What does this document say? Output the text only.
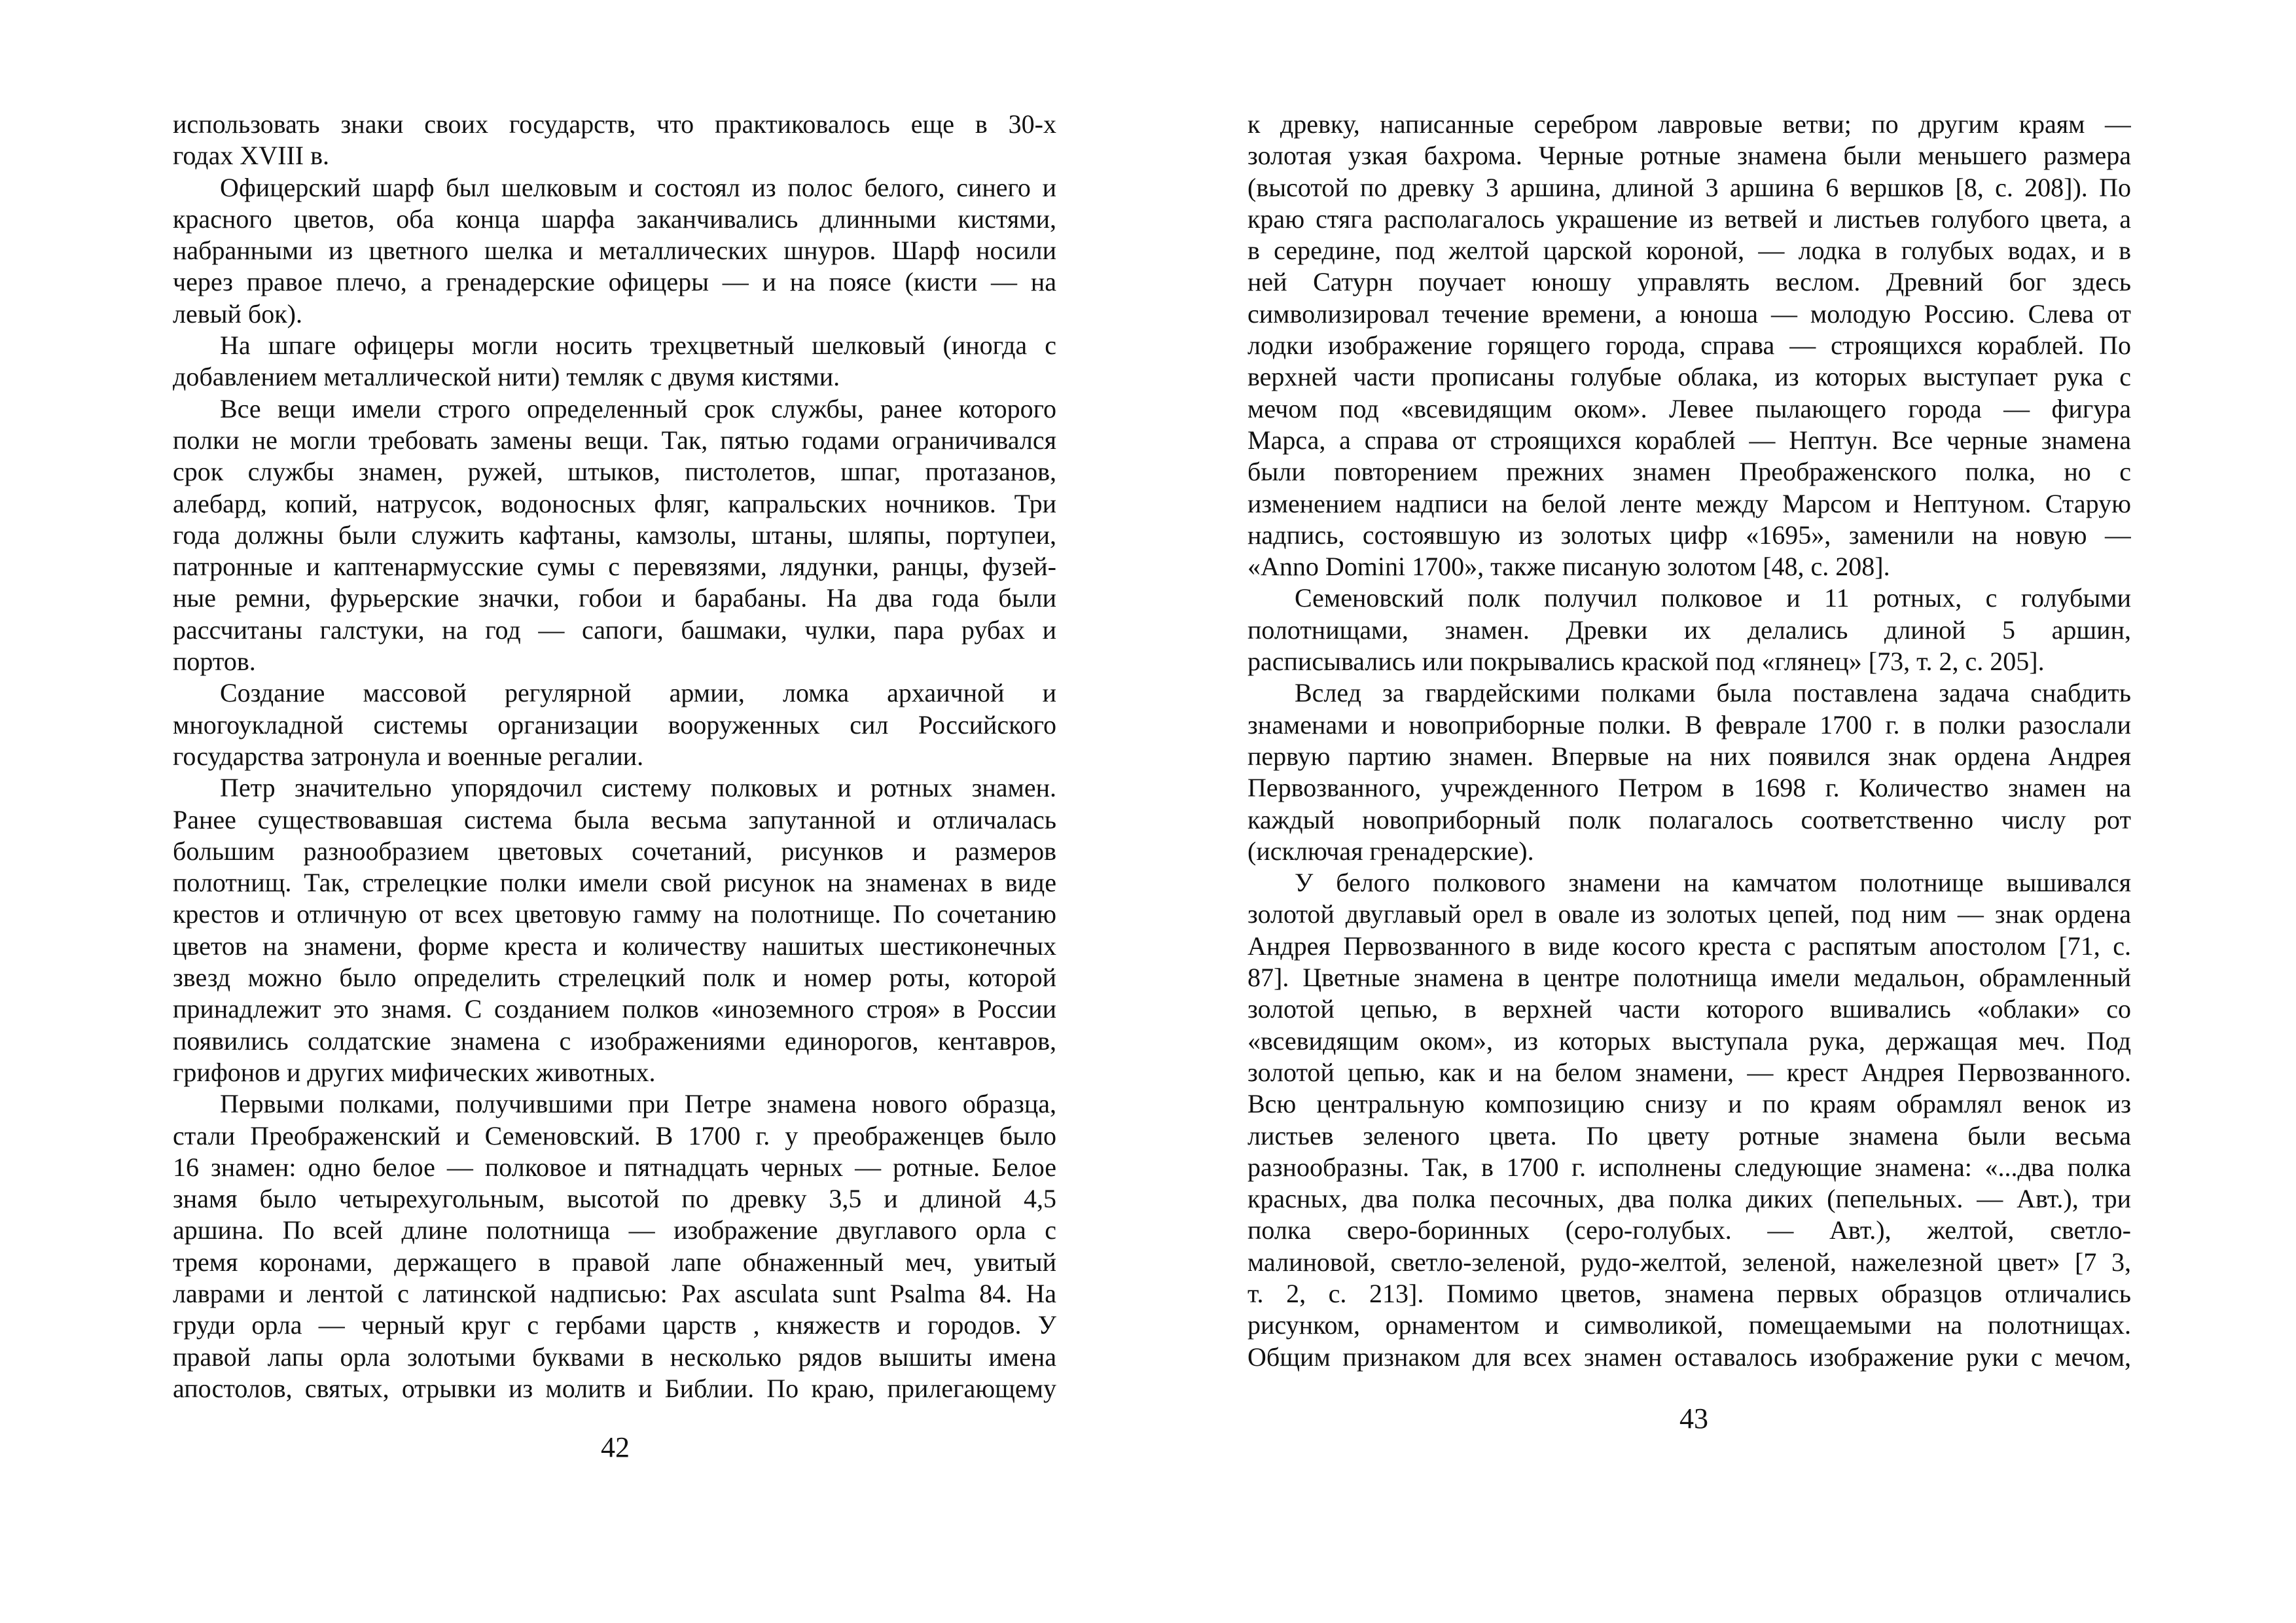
использовать знаки своих государств, что практиковалось еще в 30-х
годах XVIII в.
Офицерский шарф был шелковым и состоял из полос белого, синего и
красного цветов, оба конца шарфа заканчивались длинными кистями,
набранными из цветного шелка и металлических шнуров. Шарф носили
через правое плечо, а гренадерские офицеры — и на поясе (кисти — на
левый бок).
На шпаге офицеры могли носить трехцветный шелковый (иногда с
добавлением металлической нити) темляк с двумя кистями.
Все вещи имели строго определенный срок службы, ранее которого
полки не могли требовать замены вещи. Так, пятью годами ограничивался
срок службы знамен, ружей, штыков, пистолетов, шпаг, протазанов,
алебард, копий, натрусок, водоносных фляг, капральских ночников. Три
года должны были служить кафтаны, камзолы, штаны, шляпы, портупеи,
патронные и каптенармусские сумы с перевязями, лядунки, ранцы, фузей-
ные ремни, фурьерские значки, гобои и барабаны. На два года были
рассчитаны галстуки, на год — сапоги, башмаки, чулки, пара рубах и
портов.
Создание массовой регулярной армии, ломка архаичной и
многоукладной системы организации вооруженных сил Российского
государства затронула и военные регалии.
Петр значительно упорядочил систему полковых и ротных знамен.
Ранее существовавшая система была весьма запутанной и отличалась
большим разнообразием цветовых сочетаний, рисунков и размеров
полотнищ. Так, стрелецкие полки имели свой рисунок на знаменах в виде
крестов и отличную от всех цветовую гамму на полотнище. По сочетанию
цветов на знамени, форме креста и количеству нашитых шестиконечных
звезд можно было определить стрелецкий полк и номер роты, которой
принадлежит это знамя. С созданием полков «иноземного строя» в России
появились солдатские знамена с изображениями единорогов, кентавров,
грифонов и других мифических животных.
Первыми полками, получившими при Петре знамена нового образца,
стали Преображенский и Семеновский. В 1700 г. у преображенцев было
16 знамен: одно белое — полковое и пятнадцать черных — ротные. Белое
знамя было четырехугольным, высотой по древку 3,5 и длиной 4,5
аршина. По всей длине полотнища — изображение двуглавого орла с
тремя коронами, держащего в правой лапе обнаженный меч, увитый
лаврами и лентой с латинской надписью: Pax asculata sunt Psalma 84. На
груди орла — черный круг с гербами царств , княжеств и городов. У
правой лапы орла золотыми буквами в несколько рядов вышиты имена
апостолов, святых, отрывки из молитв и Библии. По краю, прилегающему
к древку, написанные серебром лавровые ветви; по другим краям —
золотая узкая бахрома. Черные ротные знамена были меньшего размера
(высотой по древку 3 аршина, длиной 3 аршина 6 вершков [8, с. 208]). По
краю стяга располагалось украшение из ветвей и листьев голубого цвета, а
в середине, под желтой царской короной, — лодка в голубых водах, и в
ней Сатурн поучает юношу управлять веслом. Древний бог здесь
символизировал течение времени, а юноша — молодую Россию. Слева от
лодки изображение горящего города, справа — строящихся кораблей. По
верхней части прописаны голубые облака, из которых выступает рука с
мечом под «всевидящим оком». Левее пылающего города — фигура
Марса, а справа от строящихся кораблей — Нептун. Все черные знамена
были повторением прежних знамен Преображенского полка, но с
изменением надписи на белой ленте между Марсом и Нептуном. Старую
надпись, состоявшую из золотых цифр «1695», заменили на новую —
«Anno Domini 1700», также писаную золотом [48, с. 208].
Семеновский полк получил полковое и 11 ротных, с голубыми
полотнищами, знамен. Древки их делались длиной 5 аршин,
расписывались или покрывались краской под «глянец» [73, т. 2, с. 205].
Вслед за гвардейскими полками была поставлена задача снабдить
знаменами и новоприборные полки. В феврале 1700 г. в полки разослали
первую партию знамен. Впервые на них появился знак ордена Андрея
Первозванного, учрежденного Петром в 1698 г. Количество знамен на
каждый новоприборный полк полагалось соответственно числу рот
(исключая гренадерские).
У белого полкового знамени на камчатом полотнище вышивался
золотой двуглавый орел в овале из золотых цепей, под ним — знак ордена
Андрея Первозванного в виде косого креста с распятым апостолом [71, с.
87]. Цветные знамена в центре полотнища имели медальон, обрамленный
золотой цепью, в верхней части которого вшивались «облаки» со
«всевидящим оком», из которых выступала рука, держащая меч. Под
золотой цепью, как и на белом знамени, — крест Андрея Первозванного.
Всю центральную композицию снизу и по краям обрамлял венок из
листьев зеленого цвета. По цвету ротные знамена были весьма
разнообразны. Так, в 1700 г. исполнены следующие знамена: «...два полка
красных, два полка песочных, два полка диких (пепельных. — Авт.), три
полка сверо-боринных (серо-голубых. — Авт.), желтой, светло-
малиновой, светло-зеленой, рудо-желтой, зеленой, нажелезной цвет» [7 3,
т. 2, с. 213]. Помимо цветов, знамена первых образцов отличались
рисунком, орнаментом и символикой, помещаемыми на полотнищах.
Общим признаком для всех знамен оставалось изображение руки с мечом,
42
43
